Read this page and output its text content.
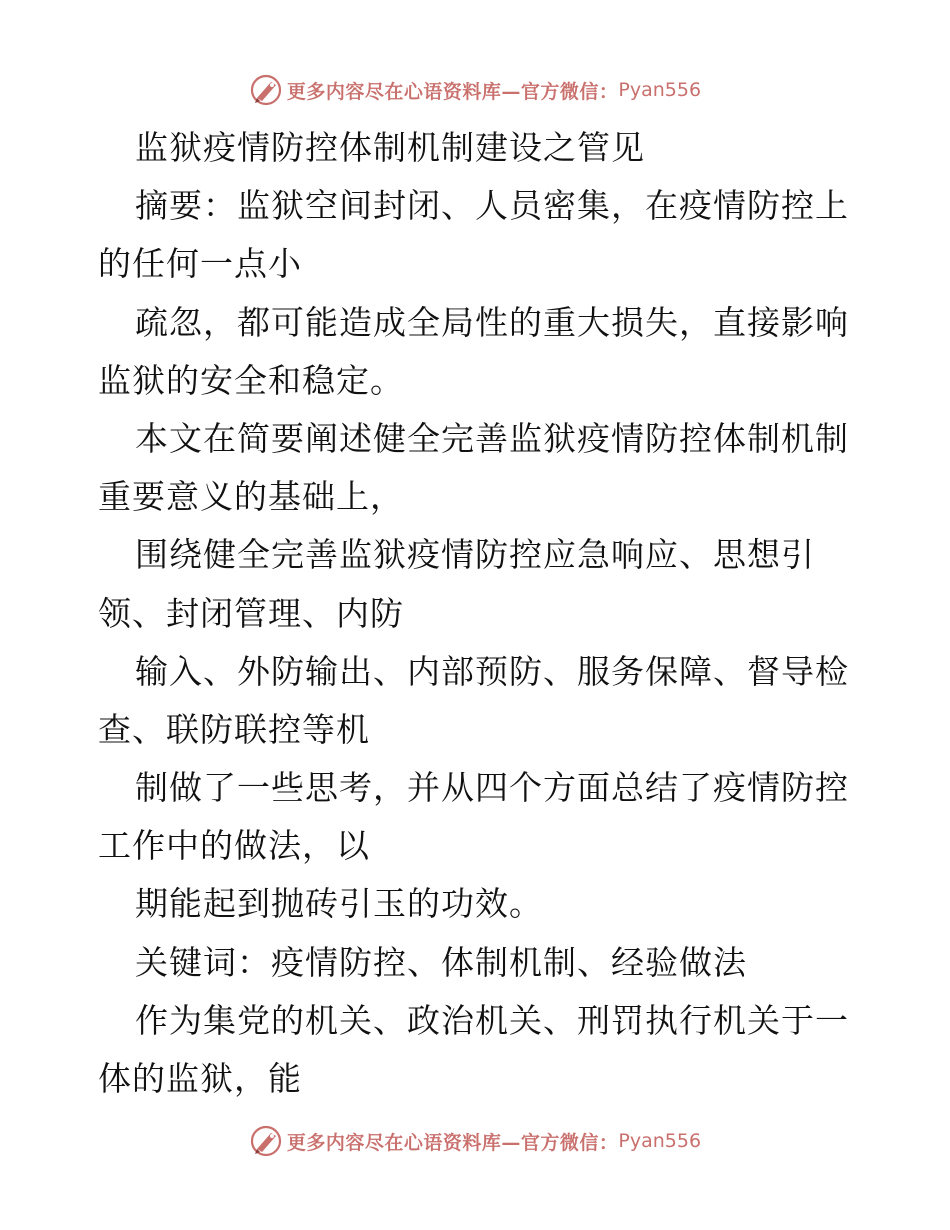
更多内容尽在心语资料库—官方微信： Pyan556
监狱疫情防控体制机制建设之管见
摘要：监狱空间封闭、人员密集，在疫情防控上
的任何一点小
疏忽，都可能造成全局性的重大损失，直接影响
监狱的安全和稳定。
本文在简要阐述健全完善监狱疫情防控体制机制
重要意义的基础上，
围绕健全完善监狱疫情防控应急响应、思想引
领、封闭管理、内防
输入、外防输出、内部预防、服务保障、督导检
查、联防联控等机
制做了一些思考，并从四个方面总结了疫情防控
工作中的做法，以
期能起到抛砖引玉的功效。
关键词：疫情防控、体制机制、经验做法
作为集党的机关、政治机关、刑罚执行机关于一
体的监狱，能
更多内容尽在心语资料库—官方微信： Pyan556
